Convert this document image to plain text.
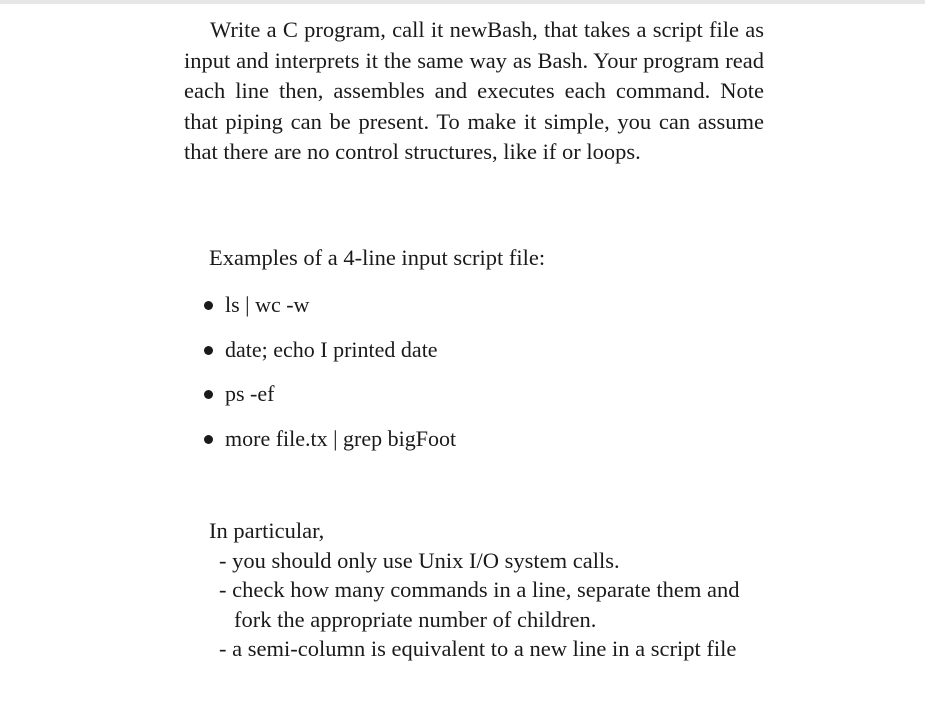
Write a C program, call it newBash, that takes a script file as input and interprets it the same way as Bash. Your program read each line then, assembles and executes each command. Note that piping can be present. To make it simple, you can assume that there are no control structures, like if or loops.

Examples of a 4-line input script file:

ls | wc -w
date; echo I printed date
ps -ef
more file.tx | grep bigFoot
In particular,
- you should only use Unix I/O system calls.
- check how many commands in a line, separate them and fork the appropriate number of children.
- a semi-column is equivalent to a new line in a script file
